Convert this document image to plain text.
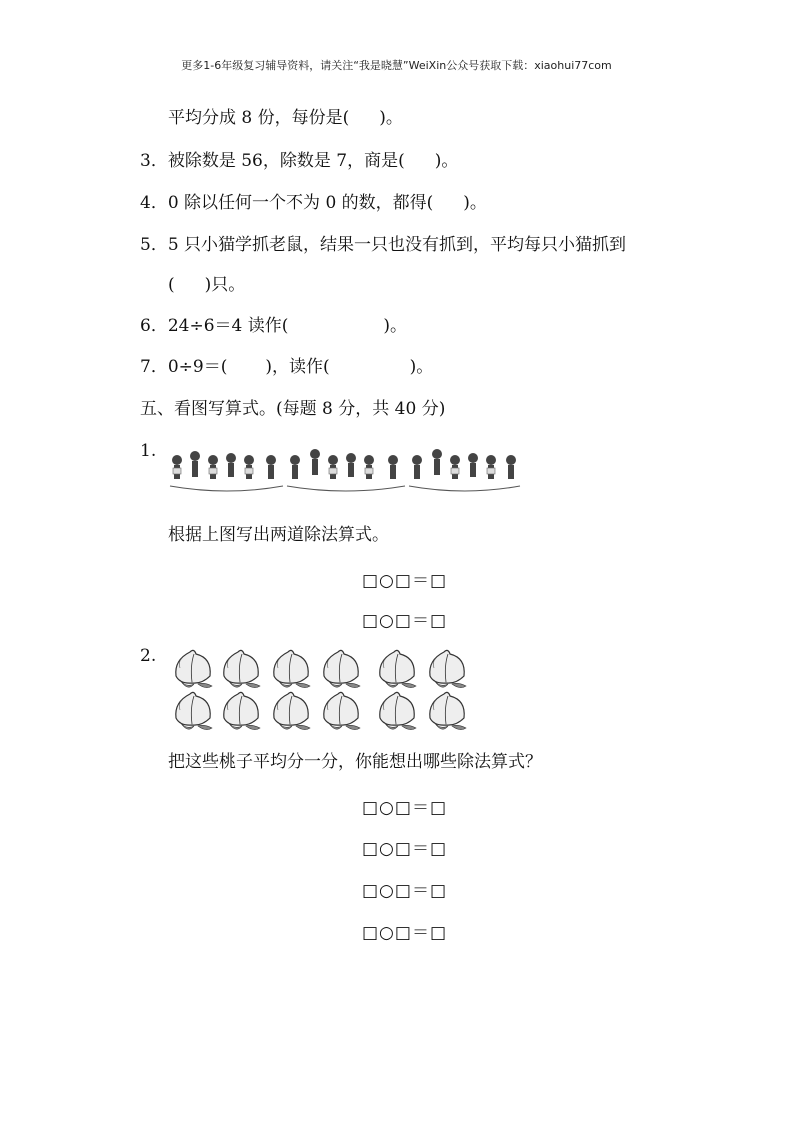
更多1-6年级复习辅导资料，请关注“我是晓慧”WeiXin公众号获取下载：xiaohui77com
平均分成 8 份，每份是( )。
3．被除数是 56，除数是 7，商是( )。
4．0 除以任何一个不为 0 的数，都得( )。
5．5 只小猫学抓老鼠，结果一只也没有抓到，平均每只小猫抓到
( )只。
6．24÷6＝4 读作(	)。
7．0÷9＝( )，读作(	)。
五、看图写算式。(每题 8 分，共 40 分)
1.
根据上图写出两道除法算式。
□○□＝□
□○□＝□
2.
把这些桃子平均分一分，你能想出哪些除法算式？
□○□＝□
□○□＝□
□○□＝□
□○□＝□
